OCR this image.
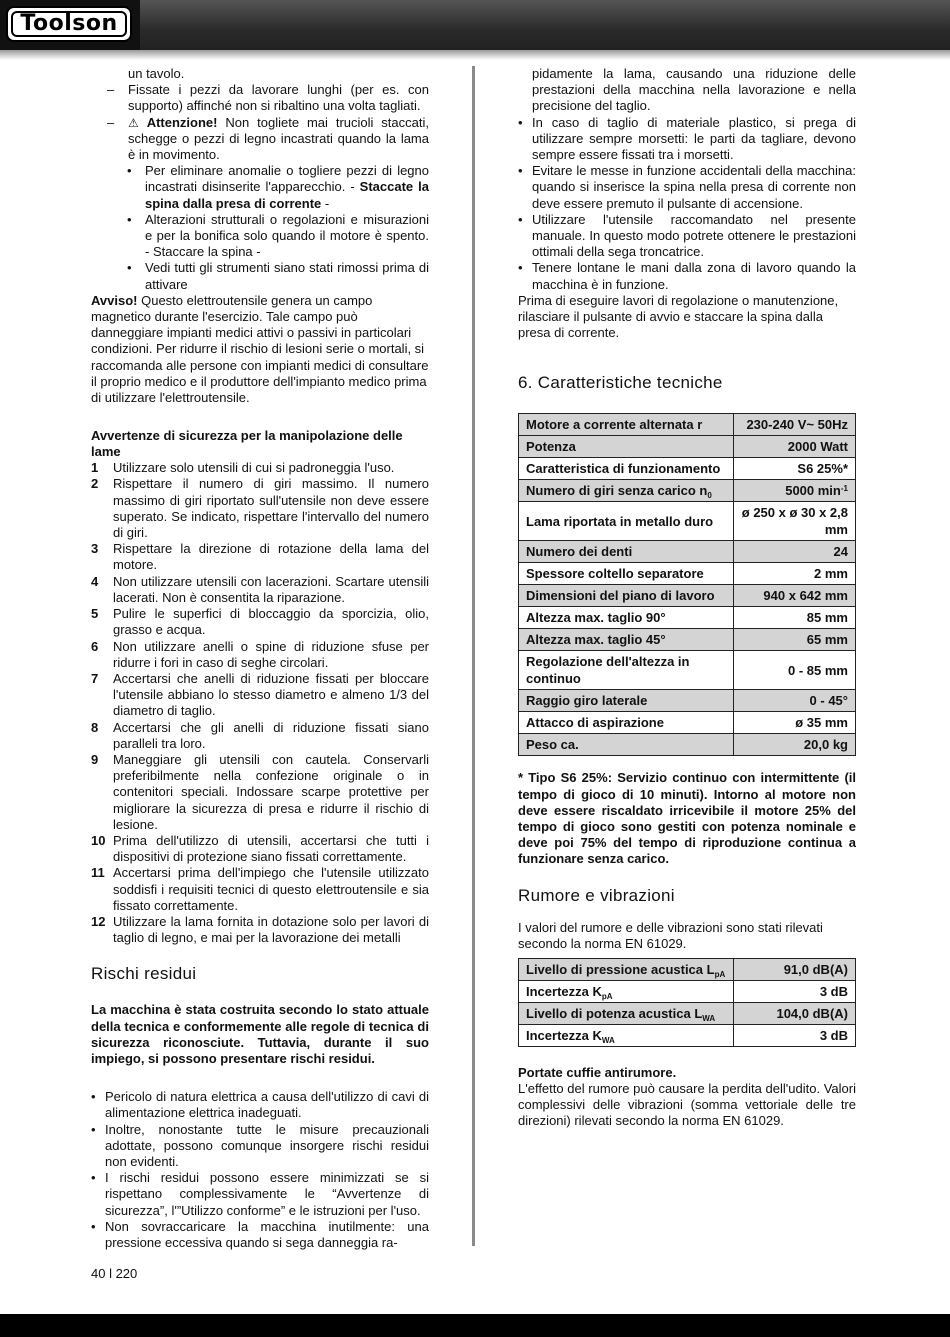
Toolson

un tavolo.

– Fissate i pezzi da lavorare lunghi (per es. con supporto) affinché non si ribaltino una volta tagliati.

– ⚠ Attenzione! Non togliete mai trucioli staccati, schegge o pezzi di legno incastrati quando la lama è in movimento.

• Per eliminare anomalie o togliere pezzi di legno incastrati disinserite l'apparecchio. - Staccate la spina dalla presa di corrente -

• Alterazioni strutturali o regolazioni e misurazioni e per la bonifica solo quando il motore è spento. - Staccare la spina -

• Vedi tutti gli strumenti siano stati rimossi prima di attivare

Avviso! Questo elettroutensile genera un campo magnetico durante l'esercizio. Tale campo può danneggiare impianti medici attivi o passivi in particolari condizioni. Per ridurre il rischio di lesioni serie o mortali, si raccomanda alle persone con impianti medici di consultare il proprio medico e il produttore dell'impianto medico prima di utilizzare l'elettroutensile.

Avvertenze di sicurezza per la manipolazione delle lame

1 Utilizzare solo utensili di cui si padroneggia l'uso.

2 Rispettare il numero di giri massimo. Il numero massimo di giri riportato sull'utensile non deve essere superato. Se indicato, rispettare l'intervallo del numero di giri.

3 Rispettare la direzione di rotazione della lama del motore.

4 Non utilizzare utensili con lacerazioni. Scartare utensili lacerati. Non è consentita la riparazione.

5 Pulire le superfici di bloccaggio da sporcizia, olio, grasso e acqua.

6 Non utilizzare anelli o spine di riduzione sfuse per ridurre i fori in caso di seghe circolari.

7 Accertarsi che anelli di riduzione fissati per bloccare l'utensile abbiano lo stesso diametro e almeno 1/3 del diametro di taglio.

8 Accertarsi che gli anelli di riduzione fissati siano paralleli tra loro.

9 Maneggiare gli utensili con cautela. Conservarli preferibilmente nella confezione originale o in contenitori speciali. Indossare scarpe protettive per migliorare la sicurezza di presa e ridurre il rischio di lesione.

10 Prima dell'utilizzo di utensili, accertarsi che tutti i dispositivi di protezione siano fissati correttamente.

11 Accertarsi prima dell'impiego che l'utensile utilizzato soddisfi i requisiti tecnici di questo elettroutensile e sia fissato correttamente.

12 Utilizzare la lama fornita in dotazione solo per lavori di taglio di legno, e mai per la lavorazione dei metalli

Rischi residui

La macchina è stata costruita secondo lo stato attuale della tecnica e conformemente alle regole di tecnica di sicurezza riconosciute. Tuttavia, durante il suo impiego, si possono presentare rischi residui.

• Pericolo di natura elettrica a causa dell'utilizzo di cavi di alimentazione elettrica inadeguati.

• Inoltre, nonostante tutte le misure precauzionali adottate, possono comunque insorgere rischi residui non evidenti.

• I rischi residui possono essere minimizzati se si rispettano complessivamente le “Avvertenze di sicurezza”, l'”Utilizzo conforme” e le istruzioni per l'uso.

• Non sovraccaricare la macchina inutilmente: una pressione eccessiva quando si sega danneggia ra-

pidamente la lama, causando una riduzione delle prestazioni della macchina nella lavorazione e nella precisione del taglio.

• In caso di taglio di materiale plastico, si prega di utilizzare sempre morsetti: le parti da tagliare, devono sempre essere fissati tra i morsetti.

• Evitare le messe in funzione accidentali della macchina: quando si inserisce la spina nella presa di corrente non deve essere premuto il pulsante di accensione.

• Utilizzare l'utensile raccomandato nel presente manuale. In questo modo potrete ottenere le prestazioni ottimali della sega troncatrice.

• Tenere lontane le mani dalla zona di lavoro quando la macchina è in funzione.

Prima di eseguire lavori di regolazione o manutenzione, rilasciare il pulsante di avvio e staccare la spina dalla presa di corrente.

6. Caratteristiche tecniche
Motore a corrente alternata r	230-240 V~ 50Hz
Potenza	2000 Watt
Caratteristica di funzionamento	S6 25%*
Numero di giri senza carico $n_0$	5000 $\min^{-1}$
Lama riportata in metallo duro	ø 250 x ø 30 x 2,8
mm
Numero dei denti	24
Spessore coltello separatore	2 mm
Dimensioni del piano di lavoro	940 x 642 mm
Altezza max. taglio 90°	85 mm
Altezza max. taglio 45°	65 mm
Regolazione dell'altezza in continuo	0 - 85 mm
Raggio giro laterale	0 - 45°
Attacco di aspirazione	ø 35 mm
Peso ca.	20,0 kg

* Tipo S6 25%: Servizio continuo con intermittente (il tempo di gioco di 10 minuti). Intorno al motore non deve essere riscaldato irricevibile il motore 25% del tempo di gioco sono gestiti con potenza nominale e deve poi 75% del tempo di riproduzione continua a funzionare senza carico.

Rumore e vibrazioni

I valori del rumore e delle vibrazioni sono stati rilevati secondo la norma EN 61029.

Livello di pressione acustica $L_{pA}$	91,0 dB(A)
Incertezza $K_{pA}$	3 dB
Livello di potenza acustica $L_{WA}$	104,0 dB(A)
Incertezza $K_{WA}$	3 dB
Portate cuffie antirumore.

L'effetto del rumore può causare la perdita dell'udito. Valori complessivi delle vibrazioni (somma vettoriale delle tre direzioni) rilevati secondo la norma EN 61029.

40 l 220
